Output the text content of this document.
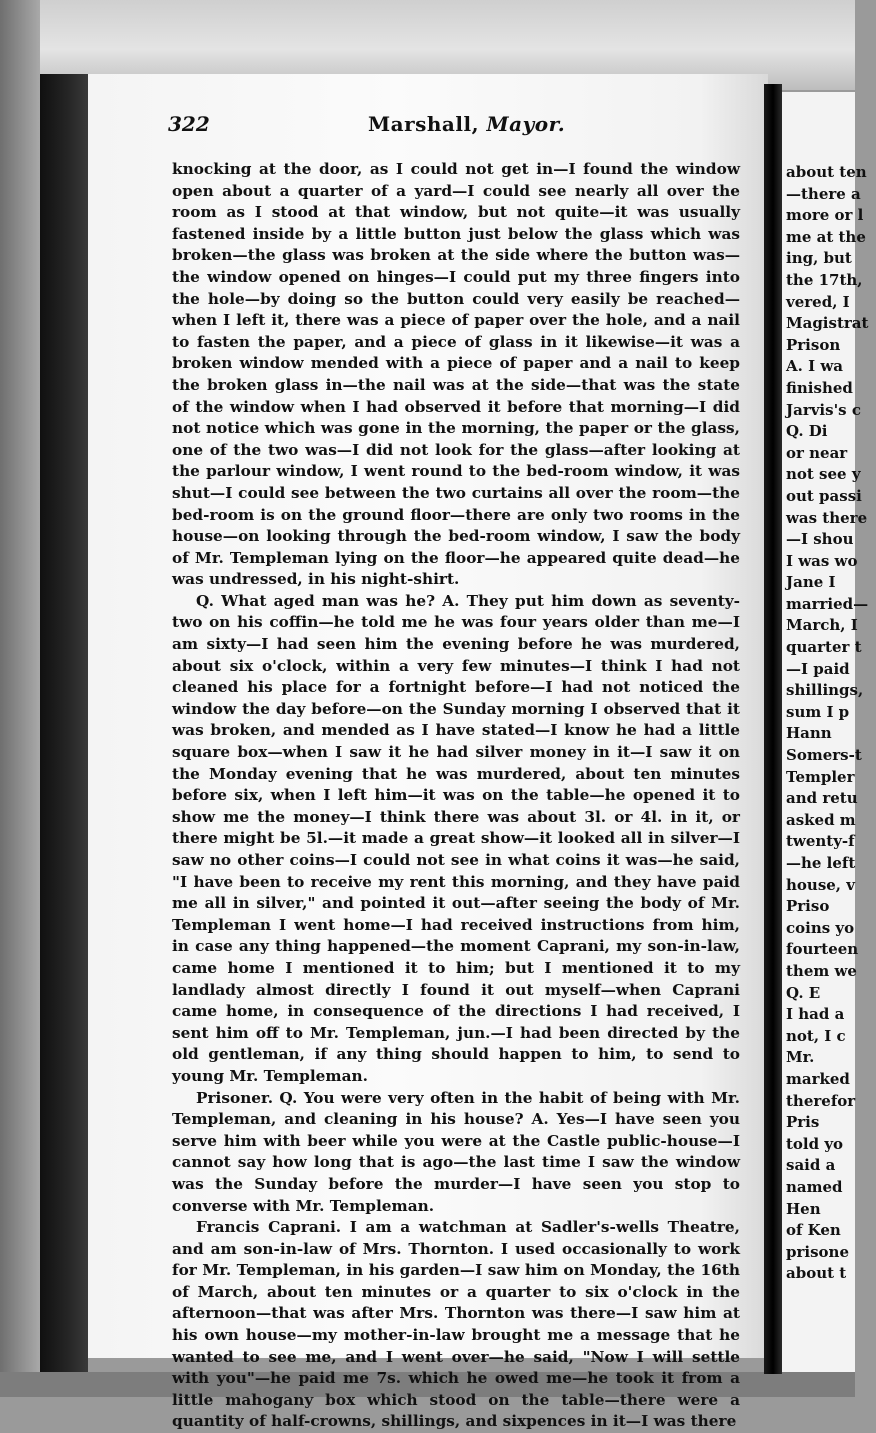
322	Marshall, Mayor.

knocking at the door, as I could not get in—I found the window open about a quarter of a yard—I could see nearly all over the room as I stood at that window, but not quite—it was usually fastened inside by a little button just below the glass which was broken—the glass was broken at the side where the button was—the window opened on hinges—I could put my three fingers into the hole—by doing so the button could very easily be reached—when I left it, there was a piece of paper over the hole, and a nail to fasten the paper, and a piece of glass in it likewise—it was a broken window mended with a piece of paper and a nail to keep the broken glass in—the nail was at the side—that was the state of the window when I had observed it before that morning—I did not notice which was gone in the morning, the paper or the glass, one of the two was—I did not look for the glass—after looking at the parlour window, I went round to the bed-room window, it was shut—I could see between the two curtains all over the room—the bed-room is on the ground floor—there are only two rooms in the house—on looking through the bed-room window, I saw the body of Mr. Templeman lying on the floor—he appeared quite dead—he was undressed, in his night-shirt.

Q. What aged man was he? A. They put him down as seventy-two on his coffin—he told me he was four years older than me—I am sixty—I had seen him the evening before he was murdered, about six o'clock, within a very few minutes—I think I had not cleaned his place for a fortnight before—I had not noticed the window the day before—on the Sunday morning I observed that it was broken, and mended as I have stated—I know he had a little square box—when I saw it he had silver money in it—I saw it on the Monday evening that he was murdered, about ten minutes before six, when I left him—it was on the table—he opened it to show me the money—I think there was about 3l. or 4l. in it, or there might be 5l.—it made a great show—it looked all in silver—I saw no other coins—I could not see in what coins it was—he said, "I have been to receive my rent this morning, and they have paid me all in silver," and pointed it out—after seeing the body of Mr. Templeman I went home—I had received instructions from him, in case any thing happened—the moment Caprani, my son-in-law, came home I mentioned it to him; but I mentioned it to my landlady almost directly I found it out myself—when Caprani came home, in consequence of the directions I had received, I sent him off to Mr. Templeman, jun.—I had been directed by the old gentleman, if any thing should happen to him, to send to young Mr. Templeman.

Prisoner. Q. You were very often in the habit of being with Mr. Templeman, and cleaning in his house? A. Yes—I have seen you serve him with beer while you were at the Castle public-house—I cannot say how long that is ago—the last time I saw the window was the Sunday before the murder—I have seen you stop to converse with Mr. Templeman.

Francis Caprani. I am a watchman at Sadler's-wells Theatre, and am son-in-law of Mrs. Thornton. I used occasionally to work for Mr. Templeman, in his garden—I saw him on Monday, the 16th of March, about ten minutes or a quarter to six o'clock in the afternoon—that was after Mrs. Thornton was there—I saw him at his own house—my mother-in-law brought me a message that he wanted to see me, and I went over—he said, "Now I will settle with you"—he paid me 7s. which he owed me—he took it from a little mahogany box which stood on the table—there were a quantity of half-crowns, shillings, and sixpences in it—I was there

about ten
—there a
more or l
me at the
ing, but
the 17th,
vered, I
Magistrat
Prison
A. I wa
finished
Jarvis's c
Q. Di
or near
not see y
out passi
was there
—I shou
I was wo
Jane I
married—
March, I
quarter t
—I paid
shillings,
sum I p
Hann
Somers-t
Templer
and retu
asked m
twenty-f
—he left
house, v
Priso
coins yo
fourteen
them we
Q. E
I had a
not, I c
Mr.
marked
therefor
Pris
told yo
said a
named
Hen
of Ken
prisone
about t
